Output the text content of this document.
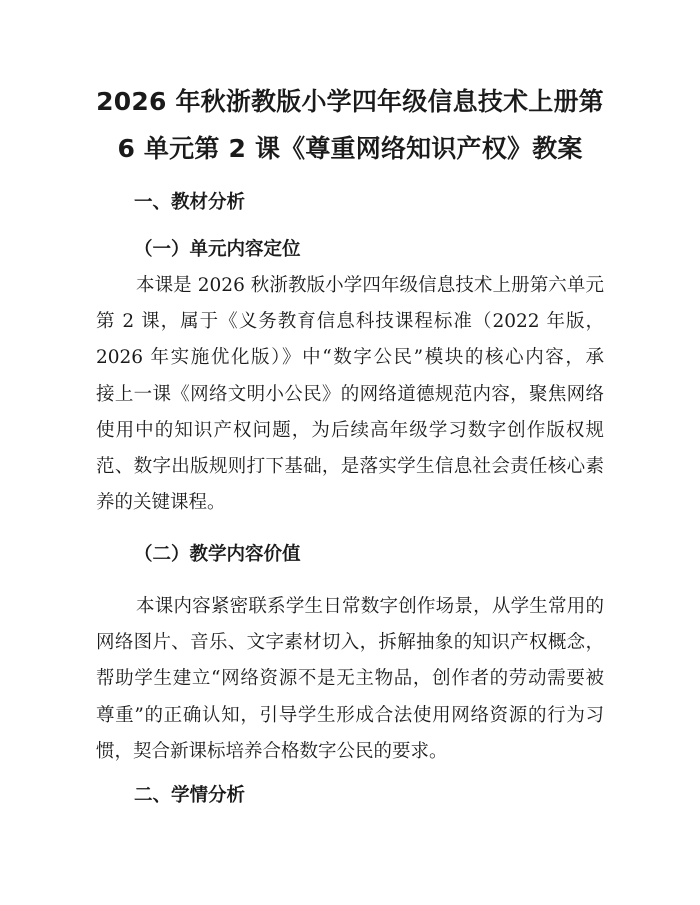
2026 年秋浙教版小学四年级信息技术上册第
6 单元第 2 课《尊重网络知识产权》教案
一、教材分析
（一）单元内容定位
本课是 2026 秋浙教版小学四年级信息技术上册第六单元
第 2 课，属于《义务教育信息科技课程标准（2022 年版，
2026 年实施优化版）》中“数字公民”模块的核心内容，承
接上一课《网络文明小公民》的网络道德规范内容，聚焦网络
使用中的知识产权问题，为后续高年级学习数字创作版权规
范、数字出版规则打下基础，是落实学生信息社会责任核心素
养的关键课程。
（二）教学内容价值
本课内容紧密联系学生日常数字创作场景，从学生常用的
网络图片、音乐、文字素材切入，拆解抽象的知识产权概念，
帮助学生建立“网络资源不是无主物品，创作者的劳动需要被
尊重”的正确认知，引导学生形成合法使用网络资源的行为习
惯，契合新课标培养合格数字公民的要求。
二、学情分析
